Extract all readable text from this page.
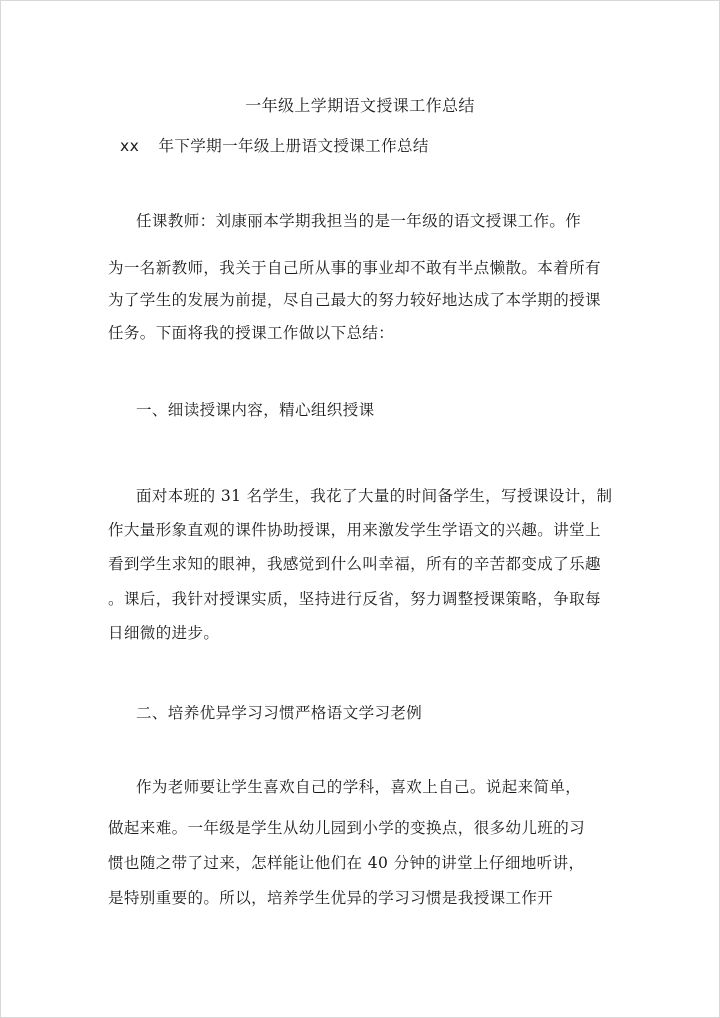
一年级上学期语文授课工作总结
xx 年下学期一年级上册语文授课工作总结
任课教师：刘康丽本学期我担当的是一年级的语文授课工作。作
为一名新教师，我关于自己所从事的事业却不敢有半点懒散。本着所有
为了学生的发展为前提，尽自己最大的努力较好地达成了本学期的授课
任务。下面将我的授课工作做以下总结：
一、细读授课内容，精心组织授课
面对本班的 31 名学生，我花了大量的时间备学生，写授课设计，制
作大量形象直观的课件协助授课，用来激发学生学语文的兴趣。讲堂上
看到学生求知的眼神，我感觉到什么叫幸福，所有的辛苦都变成了乐趣
。课后，我针对授课实质，坚持进行反省，努力调整授课策略，争取每
日细微的进步。
二、培养优异学习习惯严格语文学习老例
作为老师要让学生喜欢自己的学科，喜欢上自己。说起来简单，
做起来难。一年级是学生从幼儿园到小学的变换点，很多幼儿班的习
惯也随之带了过来，怎样能让他们在 40 分钟的讲堂上仔细地听讲，
是特别重要的。所以，培养学生优异的学习习惯是我授课工作开
